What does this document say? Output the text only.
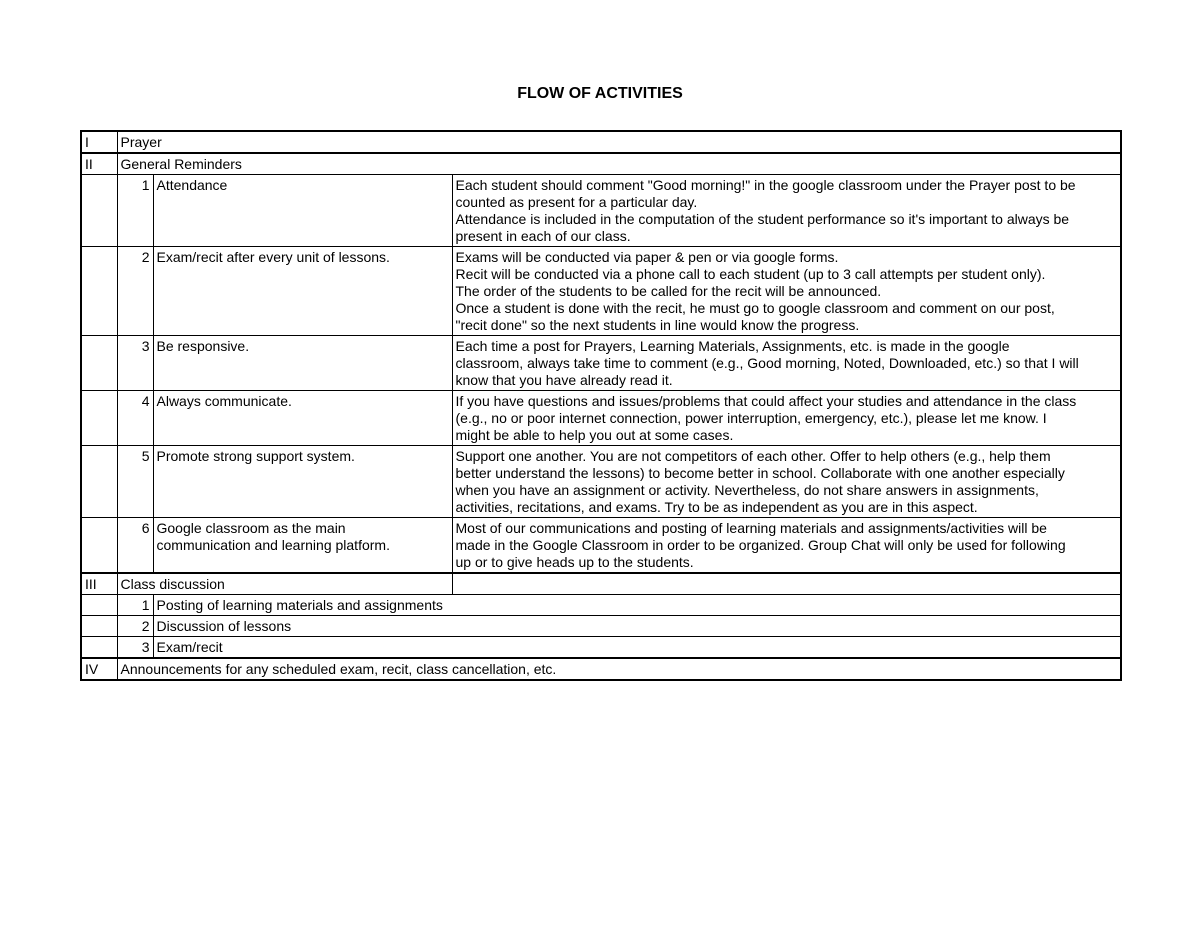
FLOW OF ACTIVITIES
I	Prayer		
II	General Reminders		
	1	Attendance	Each student should comment "Good morning!" in the google classroom under the Prayer post to be
counted as present for a particular day.
Attendance is included in the computation of the student performance so it's important to always be
present in each of our class.

	2	Exam/recit after every unit of lessons.	Exams will be conducted via paper & pen or via google forms.
Recit will be conducted via a phone call to each student (up to 3 call attempts per student only).
The order of the students to be called for the recit will be announced.
Once a student is done with the recit, he must go to google classroom and comment on our post,
"recit done" so the next students in line would know the progress.

	3	Be responsive.	Each time a post for Prayers, Learning Materials, Assignments, etc. is made in the google
classroom, always take time to comment (e.g., Good morning, Noted, Downloaded, etc.) so that I will
know that you have already read it.

	4	Always communicate.	If you have questions and issues/problems that could affect your studies and attendance in the class
(e.g., no or poor internet connection, power interruption, emergency, etc.), please let me know. I
might be able to help you out at some cases.

	5	Promote strong support system.	Support one another. You are not competitors of each other. Offer to help others (e.g., help them
better understand the lessons) to become better in school. Collaborate with one another especially
when you have an assignment or activity. Nevertheless, do not share answers in assignments,
activities, recitations, and exams. Try to be as independent as you are in this aspect.

	6	Google classroom as the main
communication and learning platform.	Most of our communications and posting of learning materials and assignments/activities will be
made in the Google Classroom in order to be organized. Group Chat will only be used for following
up or to give heads up to the students.

III	Class discussion		
	1	Posting of learning materials and assignments	
	2	Discussion of lessons	
	3	Exam/recit	
IV	Announcements for any scheduled exam, recit, class cancellation, etc.		
